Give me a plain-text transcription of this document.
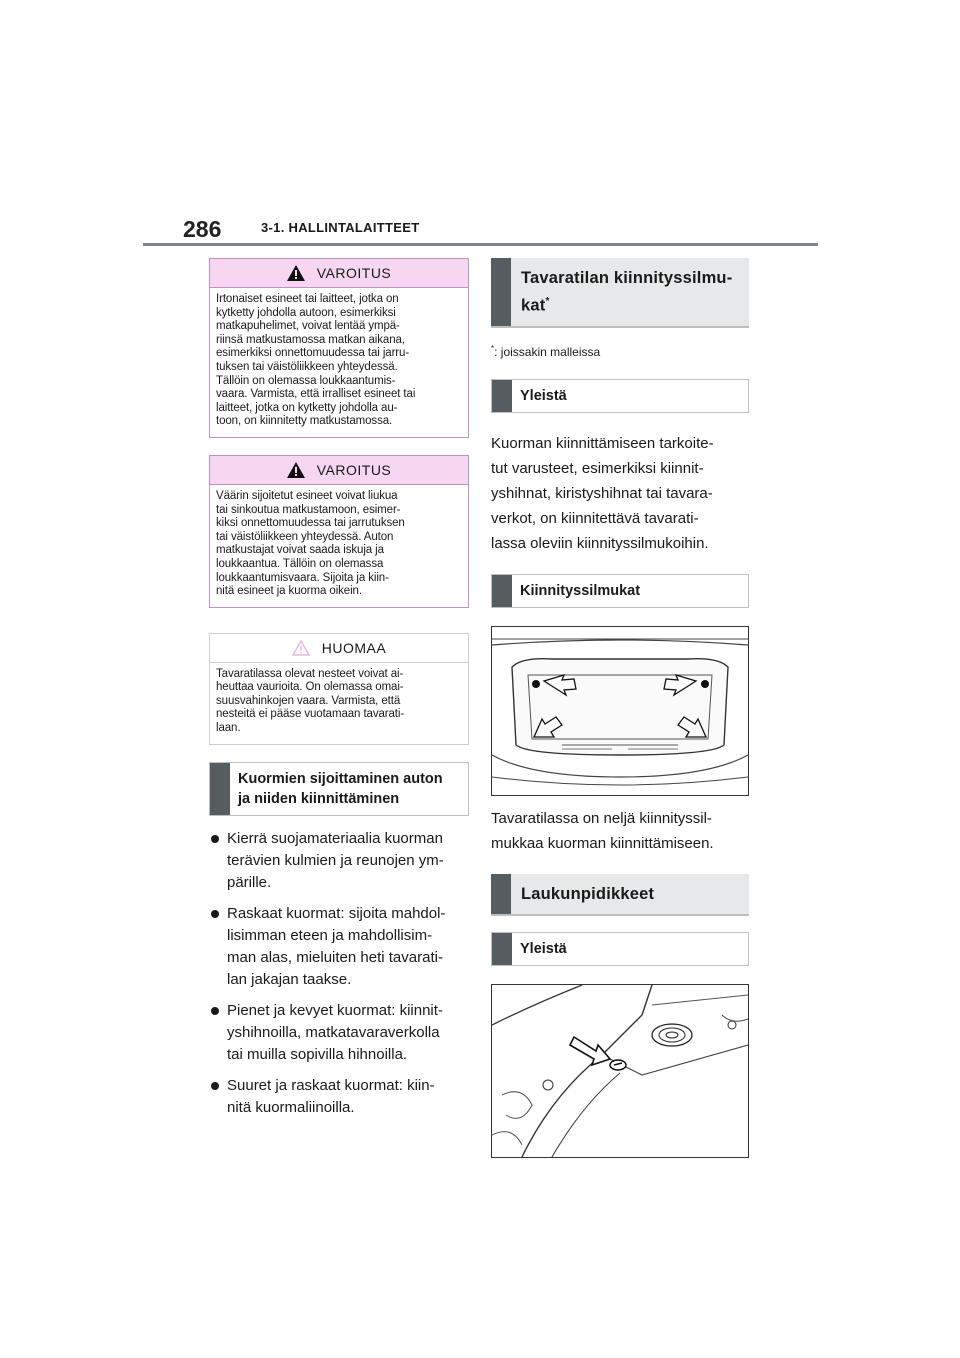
286	3-1. HALLINTALAITTEET
VAROITUS
Irtonaiset esineet tai laitteet, jotka on
kytketty johdolla autoon, esimerkiksi
matkapuhelimet, voivat lentää ympä-
riinsä matkustamossa matkan aikana,
esimerkiksi onnettomuudessa tai jarru-
tuksen tai väistöliikkeen yhteydessä.
Tällöin on olemassa loukkaantumis-
vaara. Varmista, että irralliset esineet tai
laitteet, jotka on kytketty johdolla au-
toon, on kiinnitetty matkustamossa.
VAROITUS
Väärin sijoitetut esineet voivat liukua
tai sinkoutua matkustamoon, esimer-
kiksi onnettomuudessa tai jarrutuksen
tai väistöliikkeen yhteydessä. Auton
matkustajat voivat saada iskuja ja
loukkaantua. Tällöin on olemassa
loukkaantumisvaara. Sijoita ja kiin-
nitä esineet ja kuorma oikein.
HUOMAA
Tavaratilassa olevat nesteet voivat ai-
heuttaa vaurioita. On olemassa omai-
suusvahinkojen vaara. Varmista, että
nesteitä ei pääse vuotamaan tavarati-
laan.
Kuormien sijoittaminen auton
ja niiden kiinnittäminen
Kierrä suojamateriaalia kuorman
terävien kulmien ja reunojen ym-
pärille.
Raskaat kuormat: sijoita mahdol-
lisimman eteen ja mahdollisim-
man alas, mieluiten heti tavarati-
lan jakajan taakse.
Pienet ja kevyet kuormat: kiinnit-
yshihnoilla, matkatavaraverkolla
tai muilla sopivilla hihnoilla.
Suuret ja raskaat kuormat: kiin-
nitä kuormaliinoilla.
Tavaratilan kiinnityssilmu-
kat*
*: joissakin malleissa
Yleistä

Kuorman kiinnittämiseen tarkoite-
tut varusteet, esimerkiksi kiinnit-
yshihnat, kiristyshihnat tai tavara-
verkot, on kiinnitettävä tavarati-
lassa oleviin kiinnityssilmukoihin.

Kiinnityssilmukat

Tavaratilassa on neljä kiinnityssil-
mukkaa kuorman kiinnittämiseen.

Laukunpidikkeet
Yleistä
